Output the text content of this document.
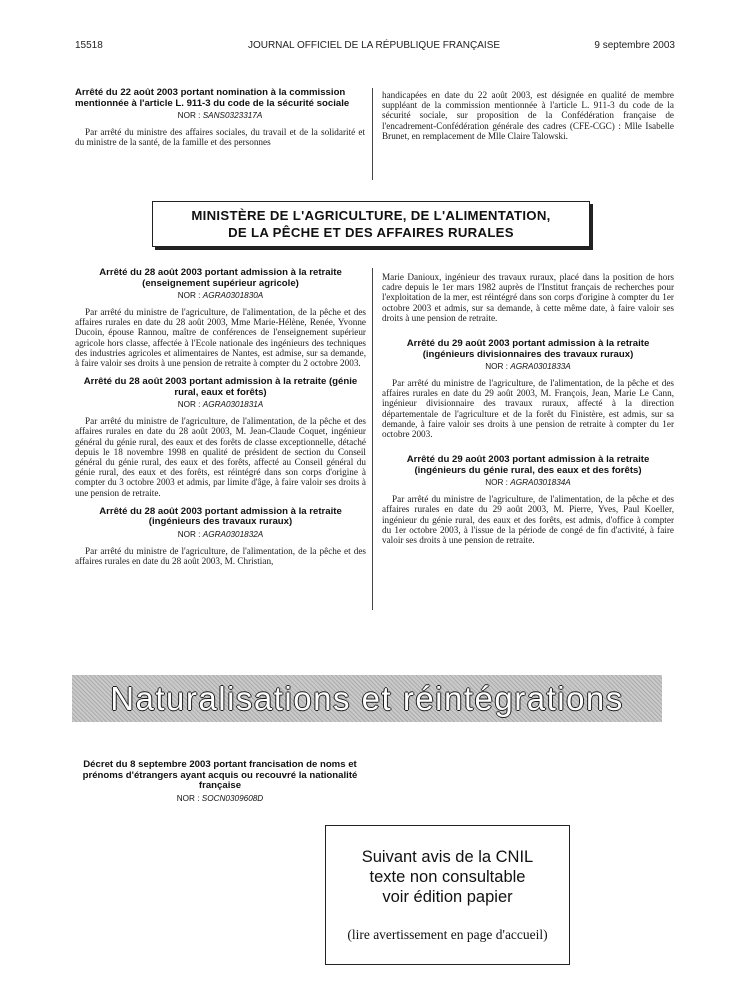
15518	JOURNAL OFFICIEL DE LA RÉPUBLIQUE FRANÇAISE	9 septembre 2003
Arrêté du 22 août 2003 portant nomination à la commission mentionnée à l'article L. 911-3 du code de la sécurité sociale
NOR : SANS0323317A
Par arrêté du ministre des affaires sociales, du travail et de la solidarité et du ministre de la santé, de la famille et des personnes
handicapées en date du 22 août 2003, est désignée en qualité de membre suppléant de la commission mentionnée à l'article L. 911-3 du code de la sécurité sociale, sur proposition de la Confédération française de l'encadrement-Confédération générale des cadres (CFE-CGC) : Mlle Isabelle Brunet, en remplacement de Mlle Claire Talowski.
MINISTÈRE DE L'AGRICULTURE, DE L'ALIMENTATION,
DE LA PÊCHE ET DES AFFAIRES RURALES
Arrêté du 28 août 2003 portant admission à la retraite (enseignement supérieur agricole)
NOR : AGRA0301830A
Par arrêté du ministre de l'agriculture, de l'alimentation, de la pêche et des affaires rurales en date du 28 août 2003, Mme Marie-Hélène, Renée, Yvonne Ducoin, épouse Rannou, maître de conférences de l'enseignement supérieur agricole hors classe, affectée à l'Ecole nationale des ingénieurs des techniques des industries agricoles et alimentaires de Nantes, est admise, sur sa demande, à faire valoir ses droits à une pension de retraite à compter du 2 octobre 2003.
Arrêté du 28 août 2003 portant admission à la retraite (génie rural, eaux et forêts)
NOR : AGRA0301831A
Par arrêté du ministre de l'agriculture, de l'alimentation, de la pêche et des affaires rurales en date du 28 août 2003, M. Jean-Claude Coquet, ingénieur général du génie rural, des eaux et des forêts de classe exceptionnelle, détaché depuis le 18 novembre 1998 en qualité de président de section du Conseil général du génie rural, des eaux et des forêts, affecté au Conseil général du génie rural, des eaux et des forêts, est réintégré dans son corps d'origine à compter du 3 octobre 2003 et admis, par limite d'âge, à faire valoir ses droits à une pension de retraite.
Arrêté du 28 août 2003 portant admission à la retraite (ingénieurs des travaux ruraux)
NOR : AGRA0301832A
Par arrêté du ministre de l'agriculture, de l'alimentation, de la pêche et des affaires rurales en date du 28 août 2003, M. Christian,
Marie Danioux, ingénieur des travaux ruraux, placé dans la position de hors cadre depuis le 1er mars 1982 auprès de l'Institut français de recherches pour l'exploitation de la mer, est réintégré dans son corps d'origine à compter du 1er octobre 2003 et admis, sur sa demande, à cette même date, à faire valoir ses droits à une pension de retraite.
Arrêté du 29 août 2003 portant admission à la retraite (ingénieurs divisionnaires des travaux ruraux)
NOR : AGRA0301833A
Par arrêté du ministre de l'agriculture, de l'alimentation, de la pêche et des affaires rurales en date du 29 août 2003, M. François, Jean, Marie Le Cann, ingénieur divisionnaire des travaux ruraux, affecté à la direction départementale de l'agriculture et de la forêt du Finistère, est admis, sur sa demande, à faire valoir ses droits à une pension de retraite à compter du 1er octobre 2003.
Arrêté du 29 août 2003 portant admission à la retraite (ingénieurs du génie rural, des eaux et des forêts)
NOR : AGRA0301834A
Par arrêté du ministre de l'agriculture, de l'alimentation, de la pêche et des affaires rurales en date du 29 août 2003, M. Pierre, Yves, Paul Koeller, ingénieur du génie rural, des eaux et des forêts, est admis, d'office à compter du 1er octobre 2003, à l'issue de la période de congé de fin d'activité, à faire valoir ses droits à une pension de retraite.
Naturalisations et réintégrations
Décret du 8 septembre 2003 portant francisation de noms et prénoms d'étrangers ayant acquis ou recouvré la nationalité française
NOR : SOCN0309608D
Suivant avis de la CNIL
texte non consultable
voir édition papier
(lire avertissement en page d'accueil)
